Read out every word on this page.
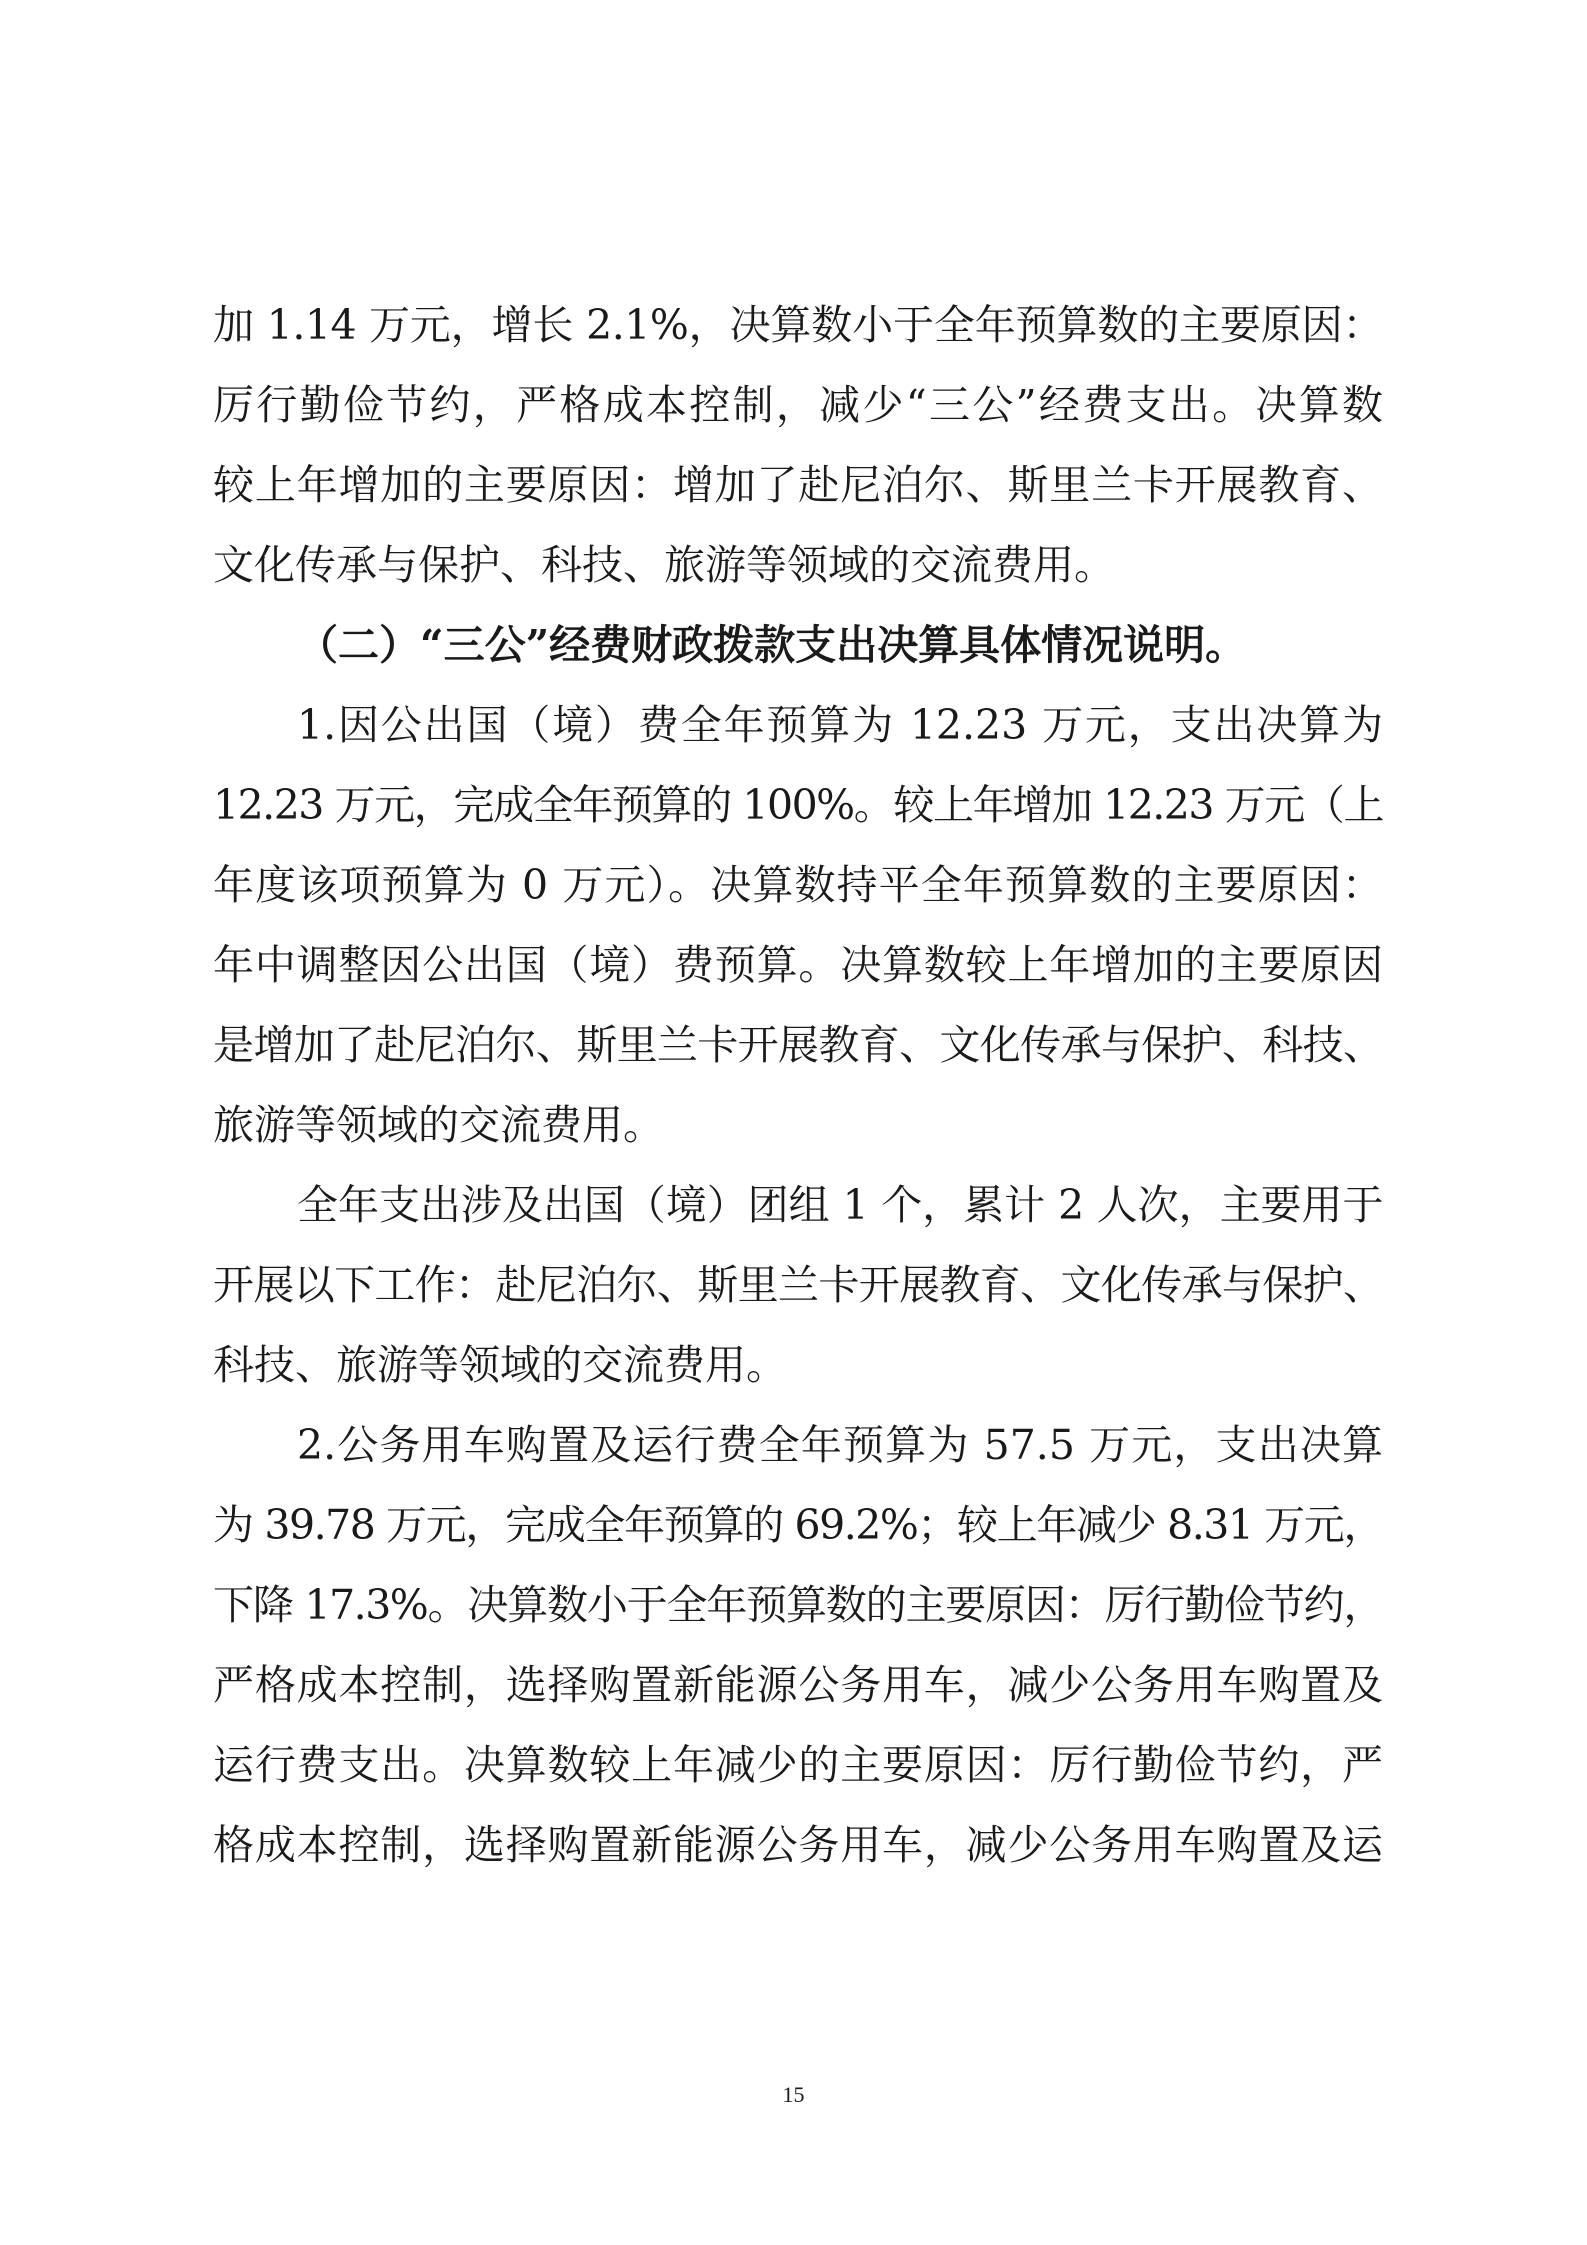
加 1.14 万元，增长 2.1%，决算数小于全年预算数的主要原因：
厉行勤俭节约，严格成本控制，减少“三公”经费支出。决算数
较上年增加的主要原因：增加了赴尼泊尔、斯里兰卡开展教育、
文化传承与保护、科技、旅游等领域的交流费用。
（二）“三公”经费财政拨款支出决算具体情况说明。
1.因公出国（境）费全年预算为 12.23 万元，支出决算为
12.23 万元，完成全年预算的 100%。较上年增加 12.23 万元（上
年度该项预算为 0 万元）。决算数持平全年预算数的主要原因：
年中调整因公出国（境）费预算。决算数较上年增加的主要原因
是增加了赴尼泊尔、斯里兰卡开展教育、文化传承与保护、科技、
旅游等领域的交流费用。
全年支出涉及出国（境）团组 1 个，累计 2 人次，主要用于
开展以下工作：赴尼泊尔、斯里兰卡开展教育、文化传承与保护、
科技、旅游等领域的交流费用。
2.公务用车购置及运行费全年预算为 57.5 万元，支出决算
为 39.78 万元，完成全年预算的 69.2%；较上年减少 8.31 万元，
下降 17.3%。决算数小于全年预算数的主要原因：厉行勤俭节约，
严格成本控制，选择购置新能源公务用车，减少公务用车购置及
运行费支出。决算数较上年减少的主要原因：厉行勤俭节约，严
格成本控制，选择购置新能源公务用车，减少公务用车购置及运
15
